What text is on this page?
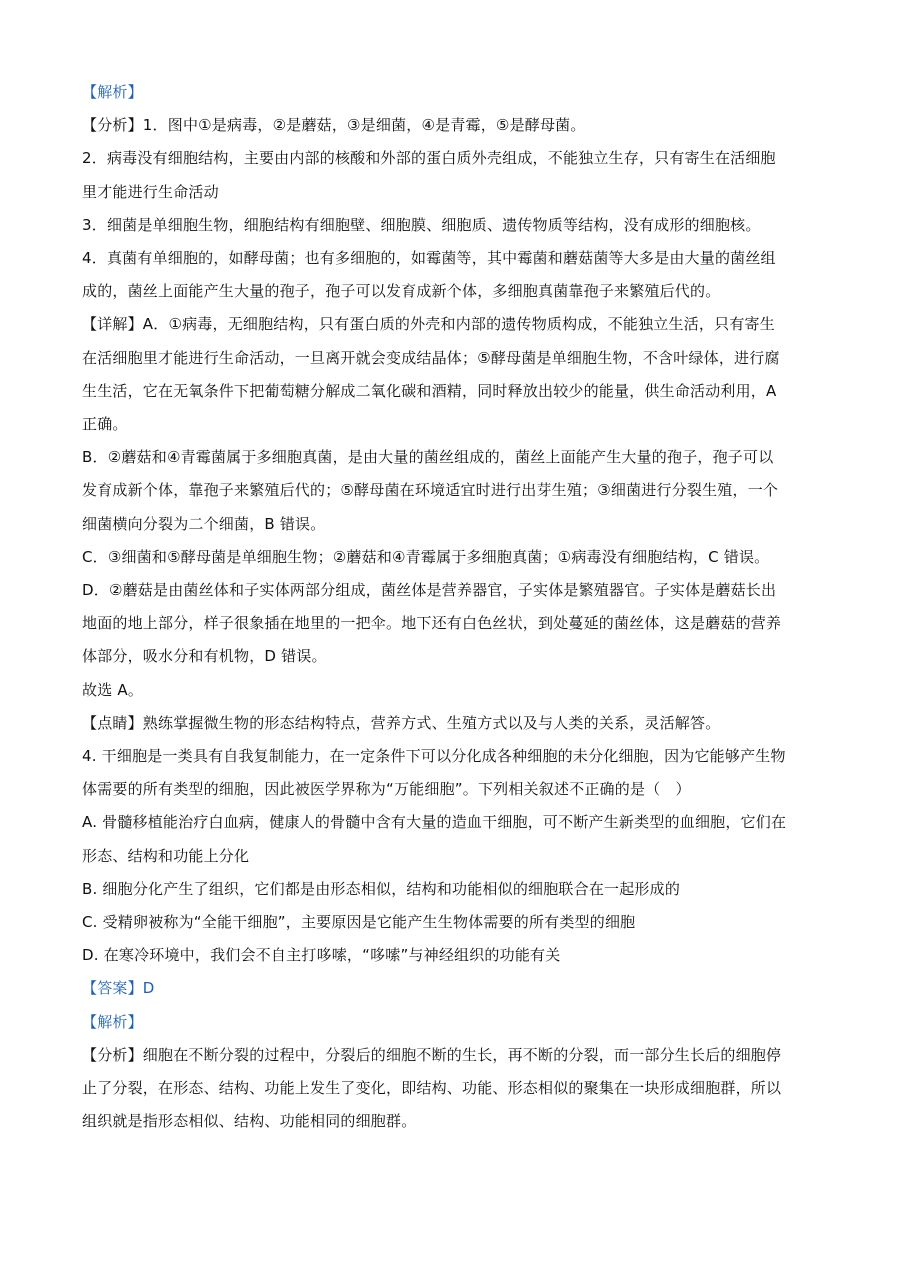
【解析】
【分析】1．图中①是病毒，②是蘑菇，③是细菌，④是青霉，⑤是酵母菌。
2．病毒没有细胞结构，主要由内部的核酸和外部的蛋白质外壳组成，不能独立生存，只有寄生在活细胞
里才能进行生命活动
3．细菌是单细胞生物，细胞结构有细胞壁、细胞膜、细胞质、遗传物质等结构，没有成形的细胞核。
4．真菌有单细胞的，如酵母菌；也有多细胞的，如霉菌等，其中霉菌和蘑菇菌等大多是由大量的菌丝组
成的，菌丝上面能产生大量的孢子，孢子可以发育成新个体，多细胞真菌靠孢子来繁殖后代的。
【详解】A．①病毒，无细胞结构，只有蛋白质的外壳和内部的遗传物质构成，不能独立生活，只有寄生
在活细胞里才能进行生命活动，一旦离开就会变成结晶体；⑤酵母菌是单细胞生物，不含叶绿体，进行腐
生生活，它在无氧条件下把葡萄糖分解成二氧化碳和酒精，同时释放出较少的能量，供生命活动利用，A
正确。
B．②蘑菇和④青霉菌属于多细胞真菌，是由大量的菌丝组成的，菌丝上面能产生大量的孢子，孢子可以
发育成新个体，靠孢子来繁殖后代的；⑤酵母菌在环境适宜时进行出芽生殖；③细菌进行分裂生殖，一个
细菌横向分裂为二个细菌，B 错误。
C．③细菌和⑤酵母菌是单细胞生物；②蘑菇和④青霉属于多细胞真菌；①病毒没有细胞结构，C 错误。
D．②蘑菇是由菌丝体和子实体两部分组成，菌丝体是营养器官，子实体是繁殖器官。子实体是蘑菇长出
地面的地上部分，样子很象插在地里的一把伞。地下还有白色丝状，到处蔓延的菌丝体，这是蘑菇的营养
体部分，吸水分和有机物，D 错误。
故选 A。
【点睛】熟练掌握微生物的形态结构特点，营养方式、生殖方式以及与人类的关系，灵活解答。
4. 干细胞是一类具有自我复制能力，在一定条件下可以分化成各种细胞的未分化细胞，因为它能够产生物
体需要的所有类型的细胞，因此被医学界称为“万能细胞”。下列相关叙述不正确的是（　）
A. 骨髓移植能治疗白血病，健康人的骨髓中含有大量的造血干细胞，可不断产生新类型的血细胞，它们在
形态、结构和功能上分化
B. 细胞分化产生了组织，它们都是由形态相似，结构和功能相似的细胞联合在一起形成的
C. 受精卵被称为“全能干细胞”，主要原因是它能产生生物体需要的所有类型的细胞
D. 在寒冷环境中，我们会不自主打哆嗦，“哆嗦”与神经组织的功能有关
【答案】D
【解析】
【分析】细胞在不断分裂的过程中，分裂后的细胞不断的生长，再不断的分裂，而一部分生长后的细胞停
止了分裂，在形态、结构、功能上发生了变化，即结构、功能、形态相似的聚集在一块形成细胞群，所以
组织就是指形态相似、结构、功能相同的细胞群。
